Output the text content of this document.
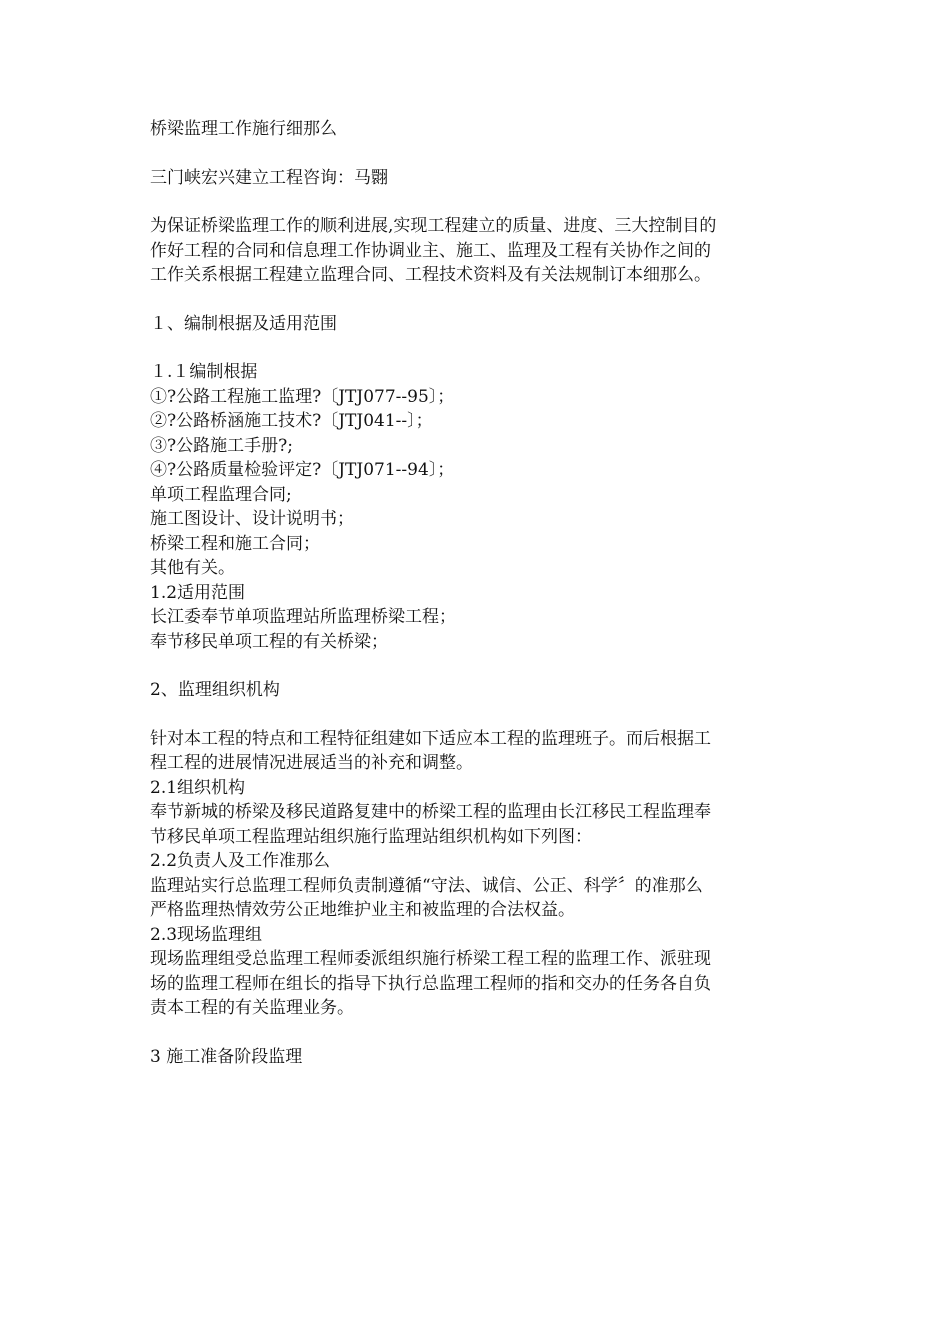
桥梁监理工作施行细那么
三门峡宏兴建立工程咨询：马翾
为保证桥梁监理工作的顺利进展,实现工程建立的质量、进度、三大控制目的
作好工程的合同和信息理工作协调业主、施工、监理及工程有关协作之间的
工作关系根据工程建立监理合同、工程技术资料及有关法规制订本细那么。
１、编制根据及适用范围
１.１编制根据
①?公路工程施工监理?〔JTJ077--95〕；
②?公路桥涵施工技术?〔JTJ041--〕；
③?公路施工手册?;
④?公路质量检验评定?〔JTJ071--94〕；
单项工程监理合同;
施工图设计、设计说明书；
桥梁工程和施工合同；
其他有关。
1.2适用范围
长江委奉节单项监理站所监理桥梁工程；
奉节移民单项工程的有关桥梁；
2、监理组织机构
针对本工程的特点和工程特征组建如下适应本工程的监理班子。而后根据工
程工程的进展情况进展适当的补充和调整。
2.1组织机构
奉节新城的桥梁及移民道路复建中的桥梁工程的监理由长江移民工程监理奉
节移民单项工程监理站组织施行监理站组织机构如下列图：
2.2负责人及工作准那么
监理站实行总监理工程师负责制遵循“守法、诚信、公正、科学〞的准那么
严格监理热情效劳公正地维护业主和被监理的合法权益。
2.3现场监理组
现场监理组受总监理工程师委派组织施行桥梁工程工程的监理工作、派驻现
场的监理工程师在组长的指导下执行总监理工程师的指和交办的任务各自负
责本工程的有关监理业务。
3 施工准备阶段监理
